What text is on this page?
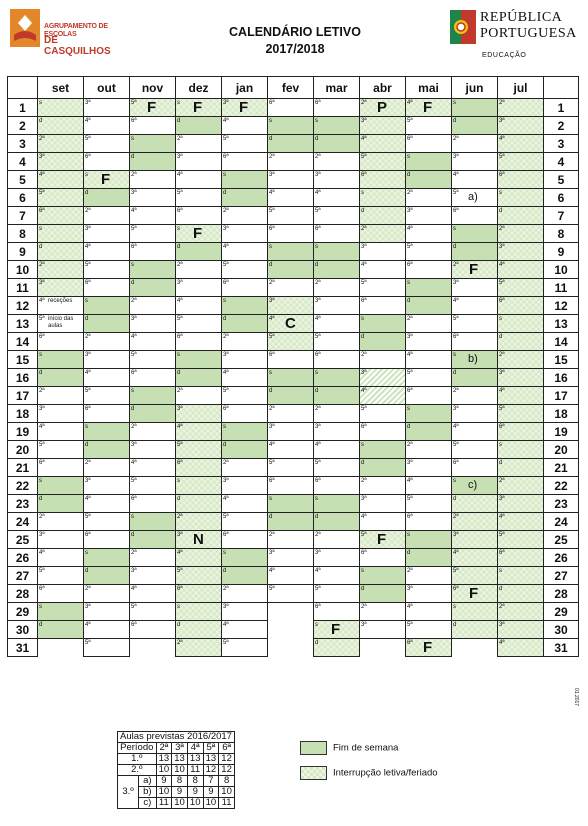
AGRUPAMENTO DE ESCOLAS
DE CASQUILHOS
CALENDÁRIO LETIVO
2017/2018
REPÚBLICA
PORTUGUESA
EDUCAÇÃO
	set	out	nov	dez	jan	fev	mar	abr	mai	jun	jul	
1	s	3ª	5ª F	s F	3ª F	6ª	6ª	2ª P	4ª F	s	2ª	1
2	d	4ª	6ª	d	4ª	s	s	3ª	5ª	d	3ª	2
3	2ª	5ª	s	2ª	5ª	d	d	4ª	6ª	2ª	4ª	3
4	3ª	6ª	d	3ª	6ª	2ª	2ª	5ª	s	3ª	5ª	4
5	4ª	s F	2ª	4ª	s	3ª	3ª	6ª	d	4ª	6ª	5
6	5ª	d	3ª	5ª	d	4ª	4ª	s	2ª	5ª a)	s	6
7	6ª	2ª	4ª	6ª	2ª	5ª	5ª	d	3ª	6ª	d	7
8	s	3ª	5ª	s F	3ª	6ª	6ª	2ª	4ª	s	2ª	8
9	d	4ª	6ª	d	4ª	s	s	3ª	5ª	d	3ª	9
10	2ª	5ª	s	2ª	5ª	d	d	4ª	6ª	2ª F	4ª	10
11	3ª	6ª	d	3ª	6ª	2ª	2ª	5ª	s	3ª	5ª	11
12	4ª receções	s	2ª	4ª	s	3ª	3ª	6ª	d	4ª	6ª	12
13	5ª início das aulas	d	3ª	5ª	d	4ª C	4ª	s	2ª	5ª	s	13
14	6ª	2ª	4ª	6ª	2ª	5ª	5ª	d	3ª	6ª	d	14
15	s	3ª	5ª	s	3ª	6ª	6ª	2ª	4ª	s b)	2ª	15
16	d	4ª	6ª	d	4ª	s	s	3ª	5ª	d	3ª	16
17	2ª	5ª	s	2ª	5ª	d	d	4ª	6ª	2ª	4ª	17
18	3ª	6ª	d	3ª	6ª	2ª	2ª	5ª	s	3ª	5ª	18
19	4ª	s	2ª	4ª	s	3ª	3ª	6ª	d	4ª	6ª	19
20	5ª	d	3ª	5ª	d	4ª	4ª	s	2ª	5ª	s	20
21	6ª	2ª	4ª	6ª	2ª	5ª	5ª	d	3ª	6ª	d	21
22	s	3ª	5ª	s	3ª	6ª	6ª	2ª	4ª	s c)	2ª	22
23	d	4ª	6ª	d	4ª	s	s	3ª	5ª	d	3ª	23
24	2ª	5ª	s	2ª	5ª	d	d	4ª	6ª	2ª	4ª	24
25	3ª	6ª	d	3ª N	6ª	2ª	2ª	5ª F	s	3ª	5ª	25
26	4ª	s	2ª	4ª	s	3ª	3ª	6ª	d	4ª	6ª	26
27	5ª	d	3ª	5ª	d	4ª	4ª	s	2ª	5ª	s	27
28	6ª	2ª	4ª	6ª	2ª	5ª	5ª	d	3ª	6ª F	d	28
29	s	3ª	5ª	s	3ª		6ª	2ª	4ª	s	2ª	29
30	d	4ª	6ª	d	4ª		s F	3ª	5ª	d	3ª	30
31		5ª		2ª	5ª		d		6ª F		4ª	31
Aulas previstas 2016/2017						
Período		2ª	3ª	4ª	5ª	6ª
1.º		13	13	13	13	12
2.º		10	10	11	12	12
3.º	a)	9	8	8	7	8
	b)	10	9	9	9	10
	c)	11	10	10	10	11
Fim de semana
Interrupção letiva/feriado
01.2017
